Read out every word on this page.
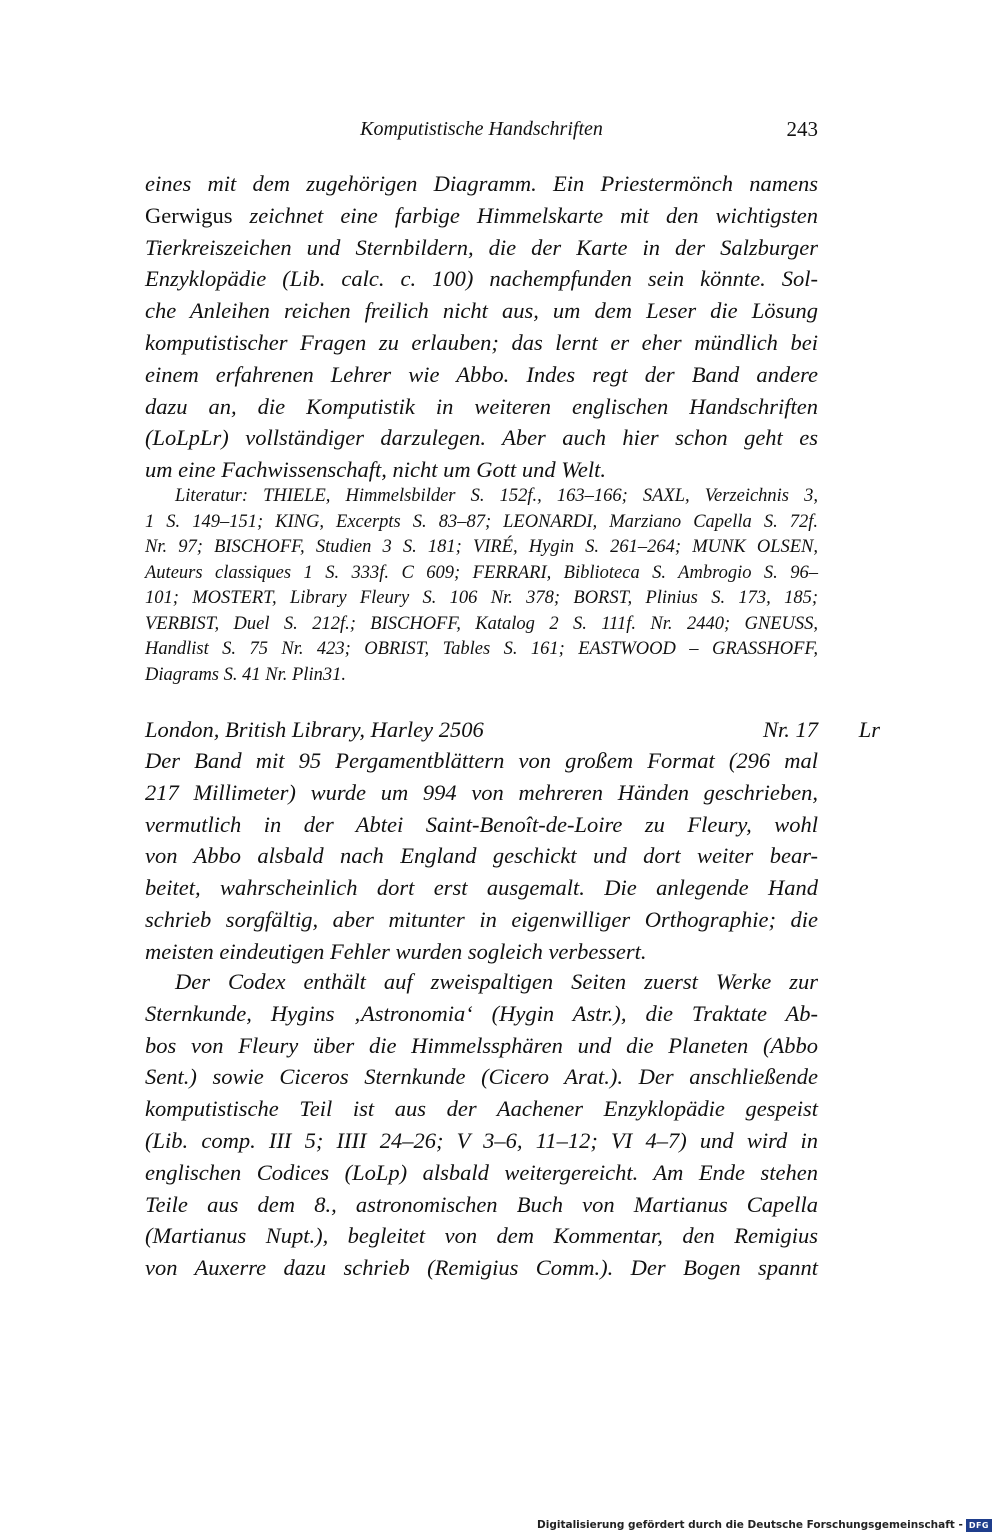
Komputistische Handschriften	243
eines mit dem zugehörigen Diagramm. Ein Priestermönch namens
Gerwigus zeichnet eine farbige Himmelskarte mit den wichtigsten
Tierkreiszeichen und Sternbildern, die der Karte in der Salzburger
Enzyklopädie (Lib. calc. c. 100) nachempfunden sein könnte. Sol-
che Anleihen reichen freilich nicht aus, um dem Leser die Lösung
komputistischer Fragen zu erlauben; das lernt er eher mündlich bei
einem erfahrenen Lehrer wie Abbo. Indes regt der Band andere
dazu an, die Komputistik in weiteren englischen Handschriften
(LoLpLr) vollständiger darzulegen. Aber auch hier schon geht es
um eine Fachwissenschaft, nicht um Gott und Welt.
Literatur: THIELE, Himmelsbilder S. 152f., 163–166; SAXL, Verzeichnis 3,
1 S. 149–151; KING, Excerpts S. 83–87; LEONARDI, Marziano Capella S. 72f.
Nr. 97; BISCHOFF, Studien 3 S. 181; VIRÉ, Hygin S. 261–264; MUNK OLSEN,
Auteurs classiques 1 S. 333f. C 609; FERRARI, Biblioteca S. Ambrogio S. 96–
101; MOSTERT, Library Fleury S. 106 Nr. 378; BORST, Plinius S. 173, 185;
VERBIST, Duel S. 212f.; BISCHOFF, Katalog 2 S. 111f. Nr. 2440; GNEUSS,
Handlist S. 75 Nr. 423; OBRIST, Tables S. 161; EASTWOOD – GRASSHOFF,
Diagrams S. 41 Nr. Plin31.
London, British Library, Harley 2506	Nr. 17 Lr
Der Band mit 95 Pergamentblättern von großem Format (296 mal
217 Millimeter) wurde um 994 von mehreren Händen geschrieben,
vermutlich in der Abtei Saint-Benoît-de-Loire zu Fleury, wohl
von Abbo alsbald nach England geschickt und dort weiter bear-
beitet, wahrscheinlich dort erst ausgemalt. Die anlegende Hand
schrieb sorgfältig, aber mitunter in eigenwilliger Orthographie; die
meisten eindeutigen Fehler wurden sogleich verbessert.
Der Codex enthält auf zweispaltigen Seiten zuerst Werke zur
Sternkunde, Hygins ‚Astronomia‘ (Hygin Astr.), die Traktate Ab-
bos von Fleury über die Himmelssphären und die Planeten (Abbo
Sent.) sowie Ciceros Sternkunde (Cicero Arat.). Der anschließende
komputistische Teil ist aus der Aachener Enzyklopädie gespeist
(Lib. comp. III 5; IIII 24–26; V 3–6, 11–12; VI 4–7) und wird in
englischen Codices (LoLp) alsbald weitergereicht. Am Ende stehen
Teile aus dem 8., astronomischen Buch von Martianus Capella
(Martianus Nupt.), begleitet von dem Kommentar, den Remigius
von Auxerre dazu schrieb (Remigius Comm.). Der Bogen spannt
Digitalisierung gefördert durch die Deutsche Forschungsgemeinschaft - DFG
